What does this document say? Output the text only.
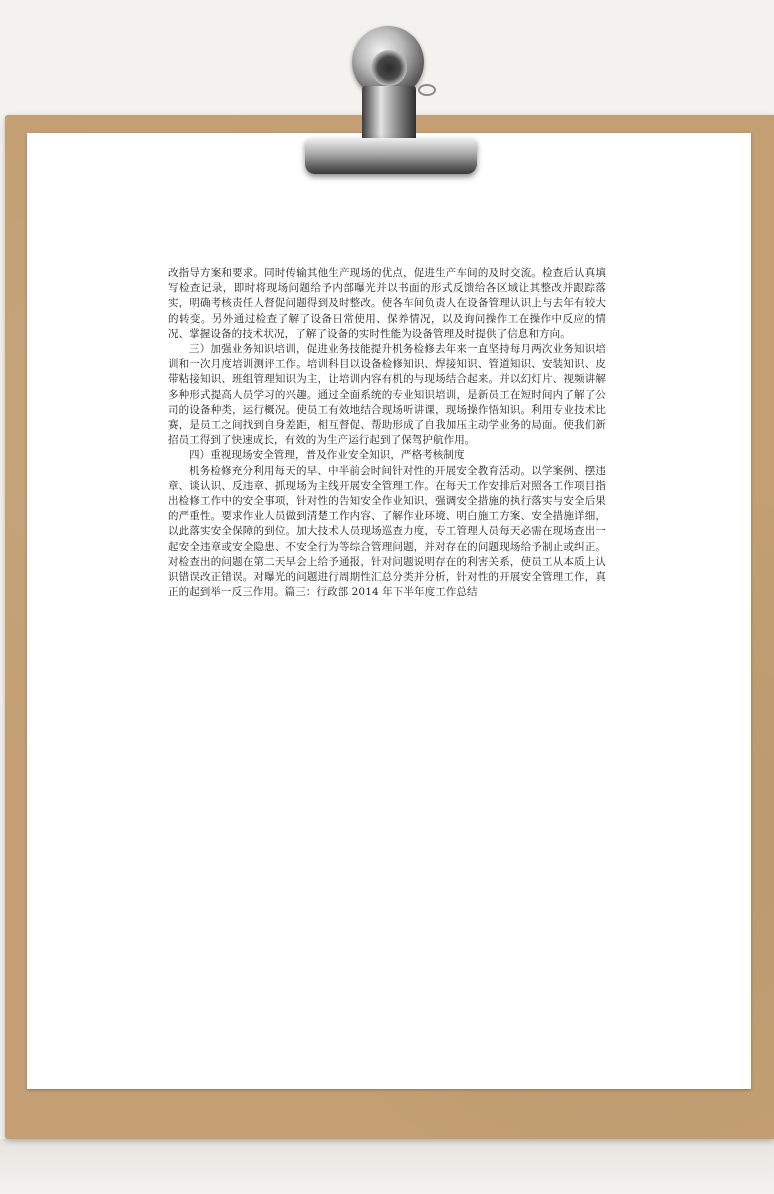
改指导方案和要求。同时传输其他生产现场的优点，促进生产车间的及时交流。检查后认真填写检查记录，即时将现场问题给予内部曝光并以书面的形式反馈给各区域让其整改并跟踪落实，明确考核责任人督促问题得到及时整改。使各车间负责人在设备管理认识上与去年有较大的转变。另外通过检查了解了设备日常使用、保养情况，以及询问操作工在操作中反应的情况、掌握设备的技术状况，了解了设备的实时性能为设备管理及时提供了信息和方向。

三）加强业务知识培训，促进业务技能提升机务检修去年来一直坚持每月两次业务知识培训和一次月度培训测评工作。培训科目以设备检修知识、焊接知识、管道知识、安装知识、皮带粘接知识、班组管理知识为主，让培训内容有机的与现场结合起来。并以幻灯片、视频讲解多种形式提高人员学习的兴趣。通过全面系统的专业知识培训，是新员工在短时间内了解了公司的设备种类，运行概况。使员工有效地结合现场听讲课，现场操作悟知识。利用专业技术比赛，是员工之间找到自身差距，相互督促、帮助形成了自我加压主动学业务的局面。使我们新招员工得到了快速成长，有效的为生产运行起到了保驾护航作用。

四）重视现场安全管理，普及作业安全知识，严格考核制度

机务检修充分利用每天的早、中半前会时间针对性的开展安全教育活动。以学案例、摆违章、谈认识、反违章、抓现场为主线开展安全管理工作。在每天工作安排后对照各工作项目指出检修工作中的安全事项，针对性的告知安全作业知识，强调安全措施的执行落实与安全后果的严重性。要求作业人员做到清楚工作内容、了解作业环境、明白施工方案、安全措施详细，以此落实安全保障的到位。加大技术人员现场巡查力度，专工管理人员每天必需在现场查出一起安全违章或安全隐患、不安全行为等综合管理问题，并对存在的问题现场给予制止或纠正。对检查出的问题在第二天早会上给予通报，针对问题说明存在的利害关系，使员工从本质上认识错误改正错误。对曝光的问题进行周期性汇总分类并分析，针对性的开展安全管理工作，真正的起到举一反三作用。篇三：行政部 2014 年下半年度工作总结
